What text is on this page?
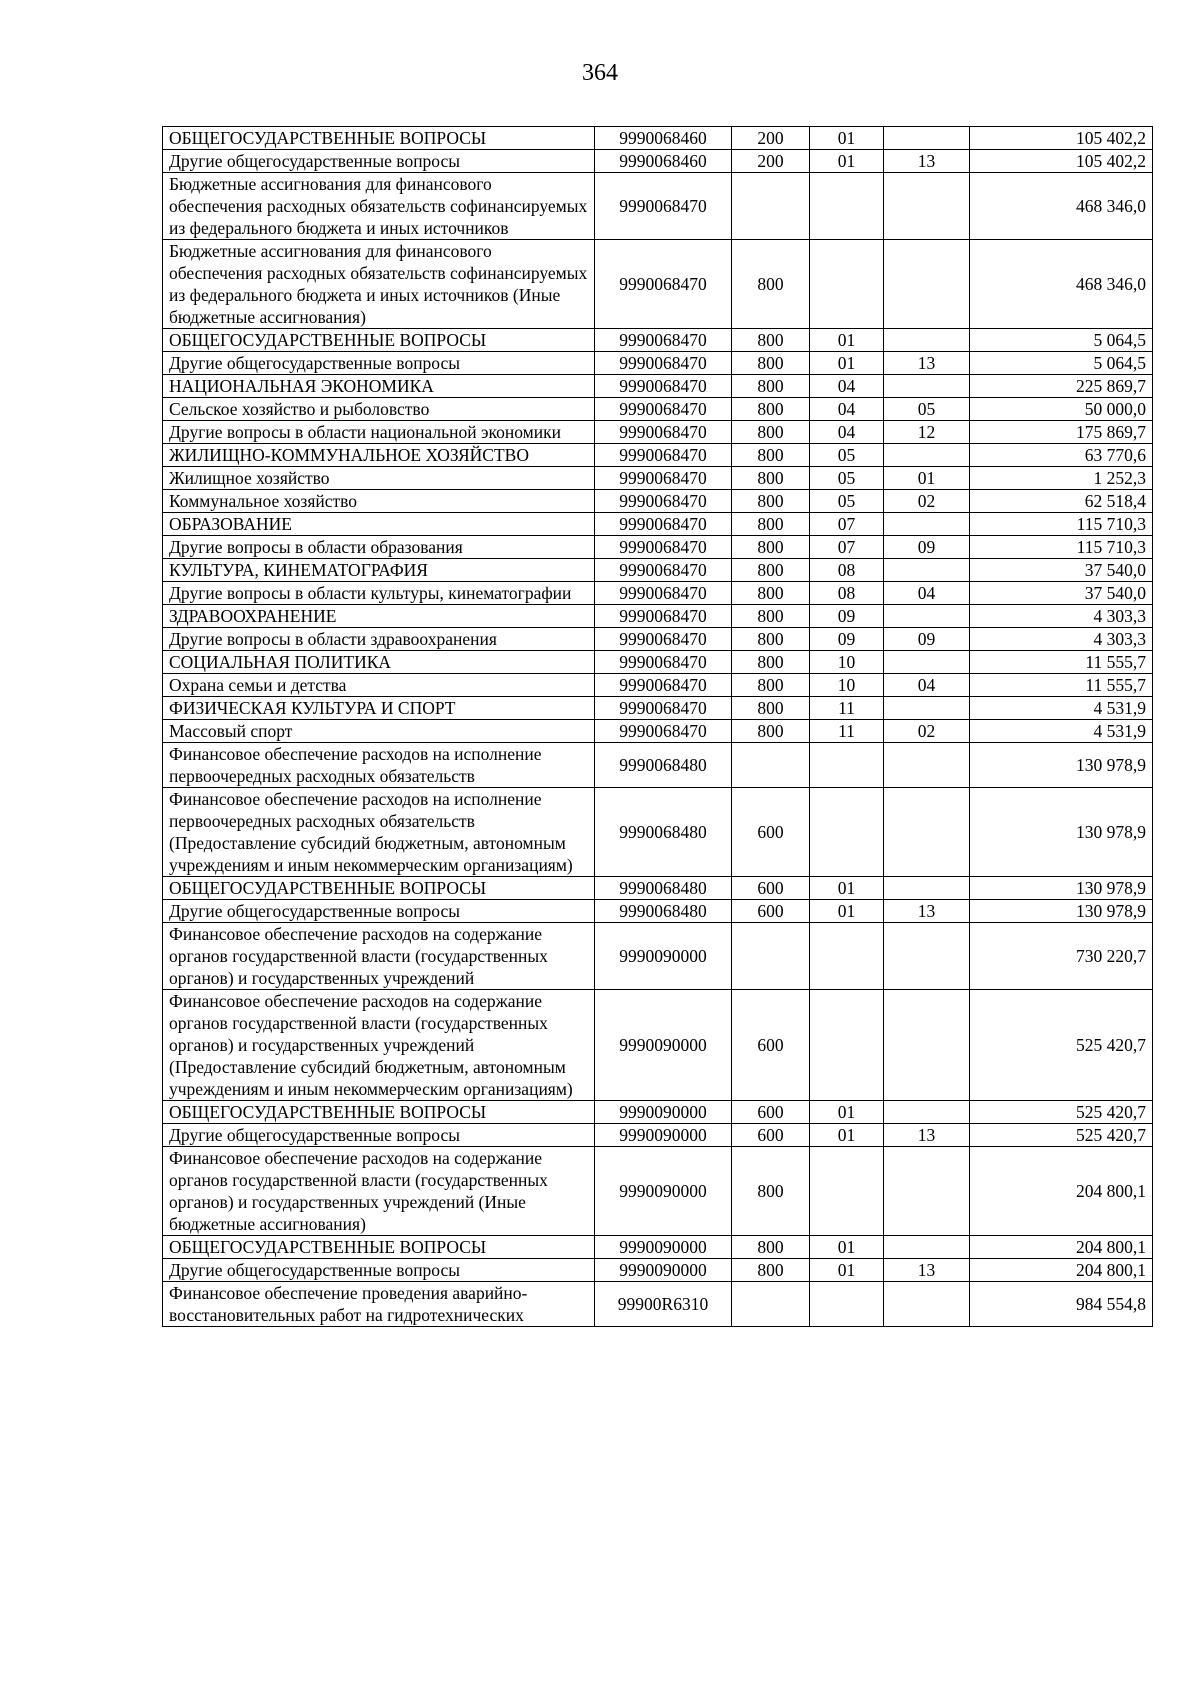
364
ОБЩЕГОСУДАРСТВЕННЫЕ ВОПРОСЫ	9990068460	200	01		105 402,2
Другие общегосударственные вопросы	9990068460	200	01	13	105 402,2
Бюджетные ассигнования для финансового обеспечения расходных обязательств софинансируемых из федерального бюджета и иных источников	9990068470				468 346,0
Бюджетные ассигнования для финансового обеспечения расходных обязательств софинансируемых из федерального бюджета и иных источников (Иные бюджетные ассигнования)	9990068470	800			468 346,0
ОБЩЕГОСУДАРСТВЕННЫЕ ВОПРОСЫ	9990068470	800	01		5 064,5
Другие общегосударственные вопросы	9990068470	800	01	13	5 064,5
НАЦИОНАЛЬНАЯ ЭКОНОМИКА	9990068470	800	04		225 869,7
Сельское хозяйство и рыболовство	9990068470	800	04	05	50 000,0
Другие вопросы в области национальной экономики	9990068470	800	04	12	175 869,7
ЖИЛИЩНО-КОММУНАЛЬНОЕ ХОЗЯЙСТВО	9990068470	800	05		63 770,6
Жилищное хозяйство	9990068470	800	05	01	1 252,3
Коммунальное хозяйство	9990068470	800	05	02	62 518,4
ОБРАЗОВАНИЕ	9990068470	800	07		115 710,3
Другие вопросы в области образования	9990068470	800	07	09	115 710,3
КУЛЬТУРА, КИНЕМАТОГРАФИЯ	9990068470	800	08		37 540,0
Другие вопросы в области культуры, кинематографии	9990068470	800	08	04	37 540,0
ЗДРАВООХРАНЕНИЕ	9990068470	800	09		4 303,3
Другие вопросы в области здравоохранения	9990068470	800	09	09	4 303,3
СОЦИАЛЬНАЯ ПОЛИТИКА	9990068470	800	10		11 555,7
Охрана семьи и детства	9990068470	800	10	04	11 555,7
ФИЗИЧЕСКАЯ КУЛЬТУРА И СПОРТ	9990068470	800	11		4 531,9
Массовый спорт	9990068470	800	11	02	4 531,9
Финансовое обеспечение расходов на исполнение первоочередных расходных обязательств	9990068480				130 978,9
Финансовое обеспечение расходов на исполнение первоочередных расходных обязательств (Предоставление субсидий бюджетным, автономным учреждениям и иным некоммерческим организациям)	9990068480	600			130 978,9
ОБЩЕГОСУДАРСТВЕННЫЕ ВОПРОСЫ	9990068480	600	01		130 978,9
Другие общегосударственные вопросы	9990068480	600	01	13	130 978,9
Финансовое обеспечение расходов на содержание органов государственной власти (государственных органов) и государственных учреждений	9990090000				730 220,7
Финансовое обеспечение расходов на содержание органов государственной власти (государственных органов) и государственных учреждений (Предоставление субсидий бюджетным, автономным учреждениям и иным некоммерческим организациям)	9990090000	600			525 420,7
ОБЩЕГОСУДАРСТВЕННЫЕ ВОПРОСЫ	9990090000	600	01		525 420,7
Другие общегосударственные вопросы	9990090000	600	01	13	525 420,7
Финансовое обеспечение расходов на содержание органов государственной власти (государственных органов) и государственных учреждений (Иные бюджетные ассигнования)	9990090000	800			204 800,1
ОБЩЕГОСУДАРСТВЕННЫЕ ВОПРОСЫ	9990090000	800	01		204 800,1
Другие общегосударственные вопросы	9990090000	800	01	13	204 800,1
Финансовое обеспечение проведения аварийно-восстановительных работ на гидротехнических	99900R6310				984 554,8
